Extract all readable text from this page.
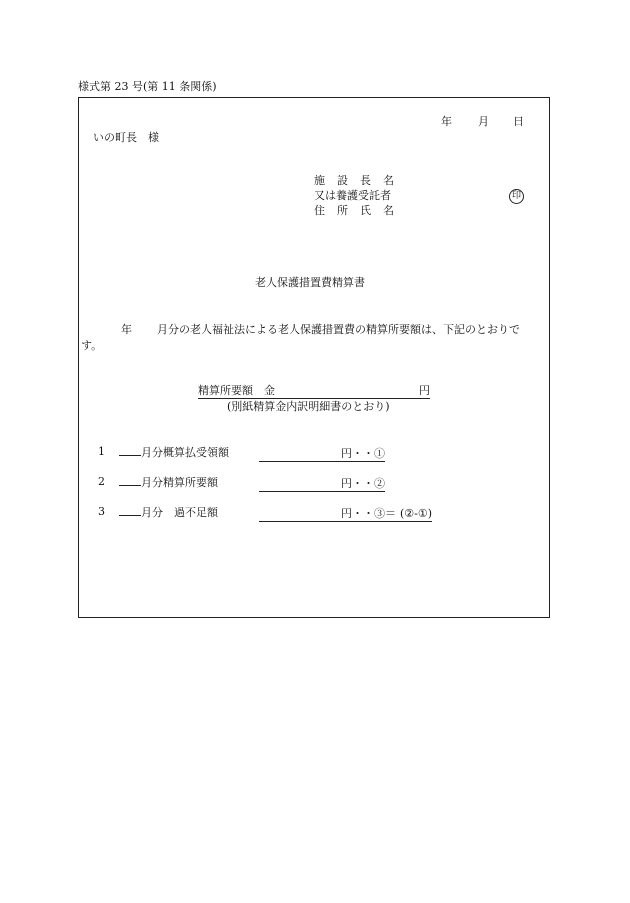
様式第 23 号(第 11 条関係)
年 月 日
いの町長　様
施設長名
又は養護受託者
住所氏名
印
老人保護措置費精算書
年 月分の老人福祉法による老人保護措置費の精算所要額は、下記のとおりで
す。
精算所要額　金	円
(別紙精算金内訳明細書のとおり)
1	月分概算払受領額	円・・①
2	月分精算所要額	円・・②
3	月分　過不足額	円・・③＝ (②-①)
